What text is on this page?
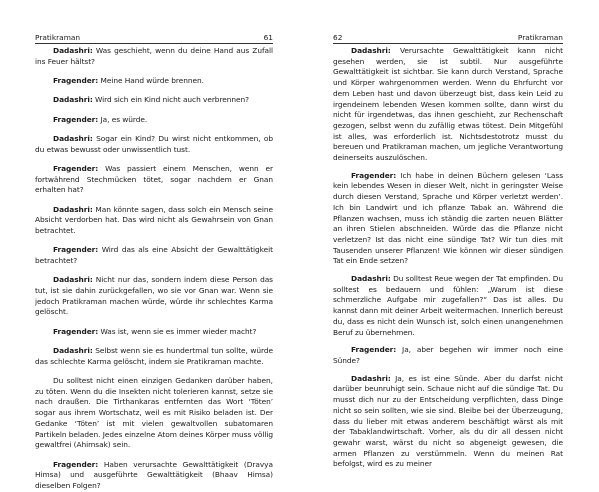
Pratikraman	61

Dadashri: Was geschieht, wenn du deine Hand aus Zufall ins Feuer hältst?

Fragender: Meine Hand würde brennen.

Dadashri: Wird sich ein Kind nicht auch verbrennen?

Fragender: Ja, es würde.

Dadashri: Sogar ein Kind? Du wirst nicht entkommen, ob du etwas bewusst oder unwissentlich tust.

Fragender: Was passiert einem Menschen, wenn er fortwährend Stechmücken tötet, sogar nachdem er Gnan erhalten hat?

Dadashri: Man könnte sagen, dass solch ein Mensch seine Absicht verdorben hat. Das wird nicht als Gewahrsein von Gnan betrachtet.

Fragender: Wird das als eine Absicht der Gewalttätigkeit betrachtet?

Dadashri: Nicht nur das, sondern indem diese Person das tut, ist sie dahin zurückgefallen, wo sie vor Gnan war. Wenn sie jedoch Pratikraman machen würde, würde ihr schlechtes Karma gelöscht.

Fragender: Was ist, wenn sie es immer wieder macht?

Dadashri: Selbst wenn sie es hundertmal tun sollte, würde das schlechte Karma gelöscht, indem sie Pratikraman machte.

Du solltest nicht einen einzigen Gedanken darüber haben, zu töten. Wenn du die Insekten nicht tolerieren kannst, setze sie nach draußen. Die Tirthankaras entfernten das Wort ‘Töten’ sogar aus ihrem Wortschatz, weil es mit Risiko beladen ist. Der Gedanke ‘Töten’ ist mit vielen gewaltvollen subatomaren Partikeln beladen. Jedes einzelne Atom deines Körper muss völlig gewaltfrei (Ahimsak) sein.

Fragender: Haben verursachte Gewalttätigkeit (Dravya Himsa) und ausgeführte Gewalttätigkeit (Bhaav Himsa) dieselben Folgen?

62	Pratikraman

Dadashri: Verursachte Gewalttätigkeit kann nicht gesehen werden, sie ist subtil. Nur ausgeführte Gewalttätigkeit ist sichtbar. Sie kann durch Verstand, Sprache und Körper wahrgenommen werden. Wenn du Ehrfurcht vor dem Leben hast und davon überzeugt bist, dass kein Leid zu irgendeinem lebenden Wesen kommen sollte, dann wirst du nicht für irgendetwas, das ihnen geschieht, zur Rechenschaft gezogen, selbst wenn du zufällig etwas tötest. Dein Mitgefühl ist alles, was erforderlich ist. Nichtsdestotrotz musst du bereuen und Pratikraman machen, um jegliche Verantwortung deinerseits auszulöschen.

Fragender: Ich habe in deinen Büchern gelesen ‘Lass kein lebendes Wesen in dieser Welt, nicht in geringster Weise durch diesen Verstand, Sprache und Körper verletzt werden’. Ich bin Landwirt und ich pflanze Tabak an. Während die Pflanzen wachsen, muss ich ständig die zarten neuen Blätter an ihren Stielen abschneiden. Würde das die Pflanze nicht verletzen? Ist das nicht eine sündige Tat? Wir tun dies mit Tausenden unserer Pflanzen! Wie können wir dieser sündigen Tat ein Ende setzen?

Dadashri: Du solltest Reue wegen der Tat empfinden. Du solltest es bedauern und fühlen: „Warum ist diese schmerzliche Aufgabe mir zugefallen?“ Das ist alles. Du kannst dann mit deiner Arbeit weitermachen. Innerlich bereust du, dass es nicht dein Wunsch ist, solch einen unangenehmen Beruf zu übernehmen.

Fragender: Ja, aber begehen wir immer noch eine Sünde?

Dadashri: Ja, es ist eine Sünde. Aber du darfst nicht darüber beunruhigt sein. Schaue nicht auf die sündige Tat. Du musst dich nur zu der Entscheidung verpflichten, dass Dinge nicht so sein sollten, wie sie sind. Bleibe bei der Überzeugung, dass du lieber mit etwas anderem beschäftigt wärst als mit der Tabaklandwirtschaft. Vorher, als du dir all dessen nicht gewahr warst, wärst du nicht so abgeneigt gewesen, die armen Pflanzen zu verstümmeln. Wenn du meinen Rat befolgst, wird es zu meiner
